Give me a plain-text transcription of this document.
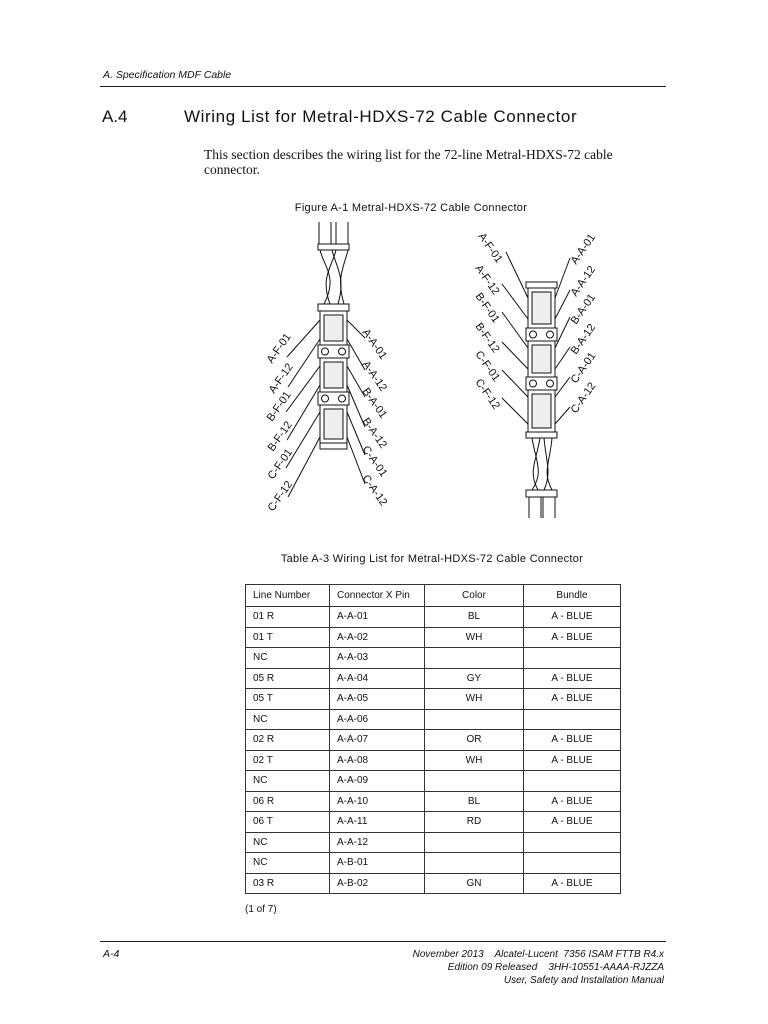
A. Specification MDF Cable
A.4	Wiring List for Metral-HDXS-72 Cable Connector
This section describes the wiring list for the 72-line Metral-HDXS-72 cable connector.
Figure A-1 Metral-HDXS-72 Cable Connector
A-F-01
A-F-12
B-F-01
B-F-12
C-F-01
C-F-12
A-A-01
A-A-12
B-A-01
B-A-12
C-A-01
C-A-12
A-F-01
A-F-12
B-F-01
B-F-12
C-F-01
C-F-12
A-A-01
A-A-12
B-A-01
B-A-12
C-A-01
C-A-12
Table A-3 Wiring List for Metral-HDXS-72 Cable Connector
Line Number	Connector X Pin	Color	Bundle
01 R	A-A-01	BL	A - BLUE
01 T	A-A-02	WH	A - BLUE
NC	A-A-03		
05 R	A-A-04	GY	A - BLUE
05 T	A-A-05	WH	A - BLUE
NC	A-A-06		
02 R	A-A-07	OR	A - BLUE
02 T	A-A-08	WH	A - BLUE
NC	A-A-09		
06 R	A-A-10	BL	A - BLUE
06 T	A-A-11	RD	A - BLUE
NC	A-A-12		
NC	A-B-01		
03 R	A-B-02	GN	A - BLUE
(1 of 7)
A-4	November 2013    Alcatel-Lucent  7356 ISAM FTTB R4.x
Edition 09 Released    3HH-10551-AAAA-RJZZA
User, Safety and Installation Manual
